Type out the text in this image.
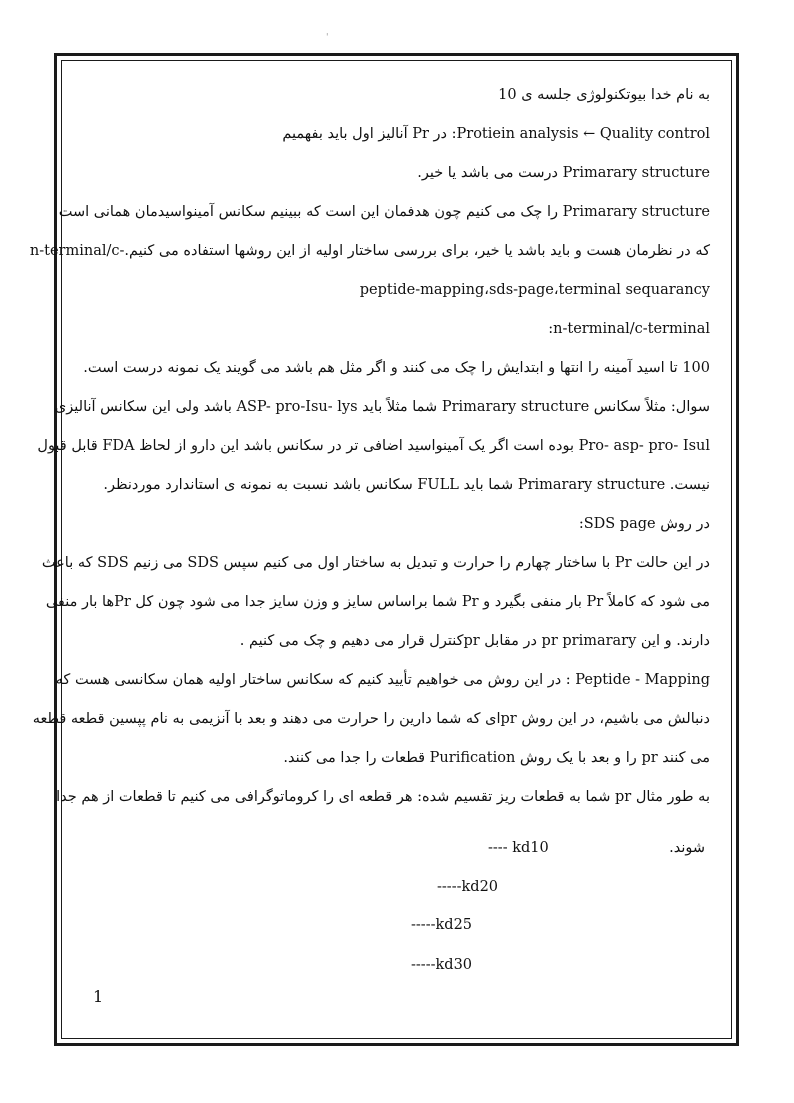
'

به نام خدا بیوتکنولوژی جلسه ی 10

Protiein analysis ← Quality control: در Pr آنالیز اول باید بفهمیم

Primarary structure درست می باشد یا خیر.

Primarary structure را چک می کنیم چون هدفمان این است که ببینیم سکانس آمینواسیدمان همانی است

که در نظرمان هست و باید باشد یا خیر، برای بررسی ساختار اولیه از این روشها استفاده می کنیم.-n-terminal/c

peptide-mapping،sds-page،terminal sequarancy

n-terminal/c-terminal:

100 تا اسید آمینه را انتها و ابتدایش را چک می کنند و اگر مثل هم باشد می گویند یک نمونه درست است.

سوال: مثلاً سکانس Primarary structure شما مثلاً باید ASP- pro-Isu- lys باشد ولی این سکانس آنالیزی

Pro- asp- pro- Isul بوده است اگر یک آمینواسید اضافی تر در سکانس باشد این دارو از لحاظ FDA قابل قبول

نیست. Primarary structure شما باید FULL سکانس باشد نسبت به نمونه ی استاندارد مورد‌نظر.

در روش SDS page:

در این حالت Pr با ساختار چهارم را حرارت و تبدیل به ساختار اول می کنیم سپس SDS می زنیم SDS که باعث

می شود که کاملاً Pr بار منفی بگیرد و Pr شما براساس سایز و وزن سایز جدا می شود چون کل Prها بار منفی

دارند. و این pr primarary در مقابل prکنترل قرار می دهیم و چک می کنیم .

Peptide - Mapping : در این روش می خواهیم تأیید کنیم که سکانس ساختار اولیه همان سکانسی هست که

دنبالش می باشیم، در این روش prای که شما دارین را حرارت می دهند و بعد با آنزیمی به نام پپسین قطعه قطعه

می کنند pr را و بعد با یک روش Purification قطعات را جدا می کنند.

به طور مثال pr شما به قطعات ریز تقسیم شده: هر قطعه ای را کروماتوگرافی می کنیم تا قطعات از هم جدا

شوند.
---- kd10
-----kd20
-----kd25
-----kd30
1
